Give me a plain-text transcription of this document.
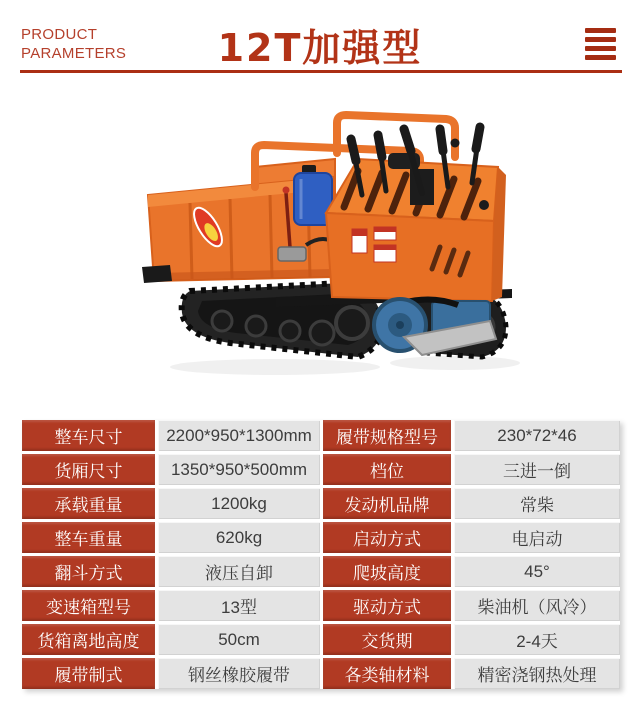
PRODUCT
PARAMETERS	12T加强型
整车尺寸	2200*950*1300mm	履带规格型号	230*72*46
货厢尺寸	1350*950*500mm	档位	三进一倒
承载重量	1200kg	发动机品牌	常柴
整车重量	620kg	启动方式	电启动
翻斗方式	液压自卸	爬坡高度	45°
变速箱型号	13型	驱动方式	柴油机（风冷）
货箱离地高度	50cm	交货期	2-4天
履带制式	钢丝橡胶履带	各类轴材料	精密浇钢热处理
